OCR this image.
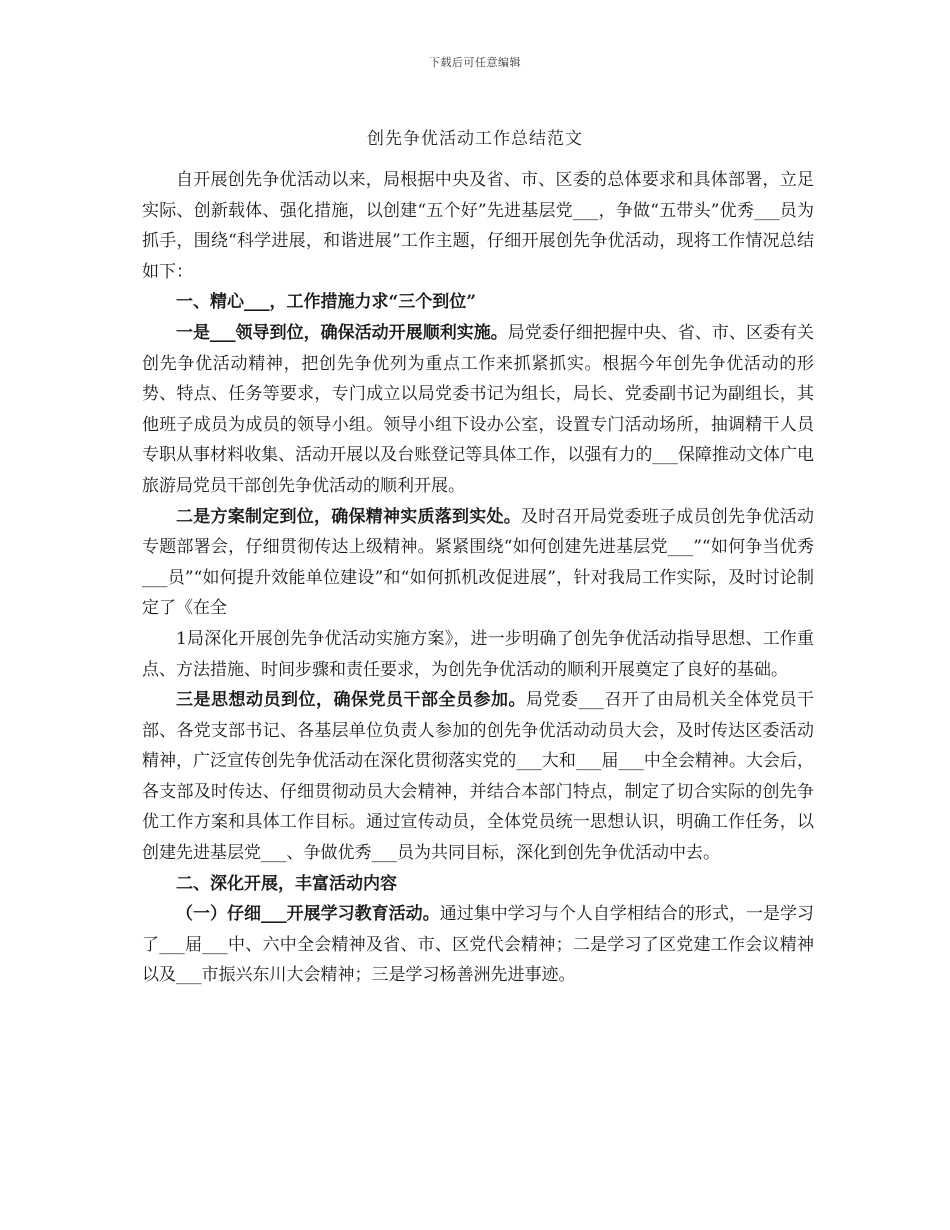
下载后可任意编辑
创先争优活动工作总结范文

自开展创先争优活动以来，局根据中央及省、市、区委的总体要求和具体部署，立足实际、创新载体、强化措施，以创建“五个好”先进基层党___，争做“五带头”优秀___员为抓手，围绕“科学进展，和谐进展”工作主题，仔细开展创先争优活动，现将工作情况总结如下：

一、精心___，工作措施力求“三个到位”

一是___领导到位，确保活动开展顺利实施。局党委仔细把握中央、省、市、区委有关创先争优活动精神，把创先争优列为重点工作来抓紧抓实。根据今年创先争优活动的形势、特点、任务等要求，专门成立以局党委书记为组长，局长、党委副书记为副组长，其他班子成员为成员的领导小组。领导小组下设办公室，设置专门活动场所，抽调精干人员专职从事材料收集、活动开展以及台账登记等具体工作，以强有力的___保障推动文体广电旅游局党员干部创先争优活动的顺利开展。

二是方案制定到位，确保精神实质落到实处。及时召开局党委班子成员创先争优活动专题部署会，仔细贯彻传达上级精神。紧紧围绕“如何创建先进基层党___”“如何争当优秀___员”“如何提升效能单位建设”和“如何抓机改促进展”，针对我局工作实际，及时讨论制定了《在全

1局深化开展创先争优活动实施方案》，进一步明确了创先争优活动指导思想、工作重点、方法措施、时间步骤和责任要求，为创先争优活动的顺利开展奠定了良好的基础。

三是思想动员到位，确保党员干部全员参加。局党委___召开了由局机关全体党员干部、各党支部书记、各基层单位负责人参加的创先争优活动动员大会，及时传达区委活动精神，广泛宣传创先争优活动在深化贯彻落实党的___大和___届___中全会精神。大会后，各支部及时传达、仔细贯彻动员大会精神，并结合本部门特点，制定了切合实际的创先争优工作方案和具体工作目标。通过宣传动员，全体党员统一思想认识，明确工作任务，以创建先进基层党___、争做优秀___员为共同目标，深化到创先争优活动中去。

二、深化开展，丰富活动内容

（一）仔细___开展学习教育活动。通过集中学习与个人自学相结合的形式，一是学习了___届___中、六中全会精神及省、市、区党代会精神；二是学习了区党建工作会议精神以及___市振兴东川大会精神；三是学习杨善洲先进事迹。
